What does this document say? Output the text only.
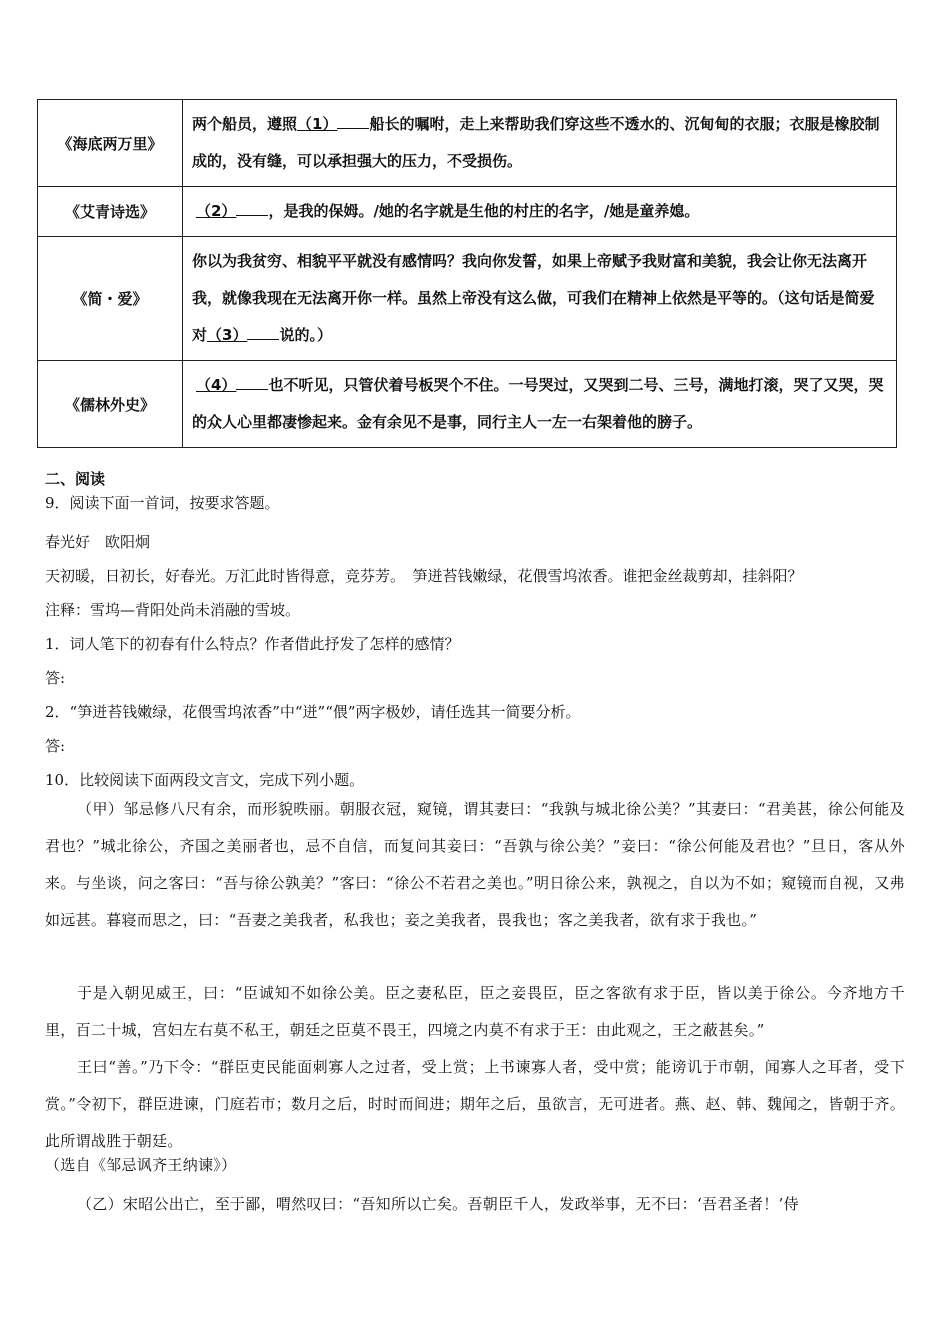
《海底两万里》	两个船员，遵照（1） 船长的嘱咐，走上来帮助我们穿这些不透水的、沉甸甸的衣服；衣服是橡胶制成的，没有缝，可以承担强大的压力，不受损伤。
《艾青诗选》	（2） ，是我的保姆。/她的名字就是生他的村庄的名字，/她是童养媳。
《简・爱》	你以为我贫穷、相貌平平就没有感情吗？我向你发誓，如果上帝赋予我财富和美貌，我会让你无法离开我，就像我现在无法离开你一样。虽然上帝没有这么做，可我们在精神上依然是平等的。（这句话是简爱对（3） 说的。）
《儒林外史》	（4） 也不听见，只管伏着号板哭个不住。一号哭过，又哭到二号、三号，满地打滚，哭了又哭，哭的众人心里都凄惨起来。金有余见不是事，同行主人一左一右架着他的膀子。
二、阅读
9．阅读下面一首词，按要求答题。
春光好　欧阳炯
天初暖，日初长，好春光。万汇此时皆得意，竞芬芳。　笋迸苔钱嫩绿，花偎雪坞浓香。谁把金丝裁剪却，挂斜阳？
注释：雪坞—背阳处尚未消融的雪坡。
1．词人笔下的初春有什么特点？作者借此抒发了怎样的感情？
答:
2．“笋迸苔钱嫩绿，花偎雪坞浓香”中“迸”“偎”两字极妙，请任选其一简要分析。
答:
10．比较阅读下面两段文言文，完成下列小题。
（甲）邹忌修八尺有余，而形貌昳丽。朝服衣冠，窥镜，谓其妻曰：“我孰与城北徐公美？”其妻曰：“君美甚，徐公何能及君也？”城北徐公，齐国之美丽者也，忌不自信，而复问其妾曰：“吾孰与徐公美？”妾曰：“徐公何能及君也？”旦日，客从外来。与坐谈，问之客曰：“吾与徐公孰美？”客曰：“徐公不若君之美也。”明日徐公来，孰视之，自以为不如；窥镜而自视，又弗如远甚。暮寝而思之，曰：“吾妻之美我者，私我也；妾之美我者，畏我也；客之美我者，欲有求于我也。”
于是入朝见威王，曰：“臣诚知不如徐公美。臣之妻私臣，臣之妾畏臣，臣之客欲有求于臣，皆以美于徐公。今齐地方千里，百二十城，宫妇左右莫不私王，朝廷之臣莫不畏王，四境之内莫不有求于王：由此观之，王之蔽甚矣。”
王曰“善。”乃下令：“群臣吏民能面刺寡人之过者，受上赏；上书谏寡人者，受中赏；能谤讥于市朝，闻寡人之耳者，受下赏。”令初下，群臣进谏，门庭若市；数月之后，时时而间进；期年之后，虽欲言，无可进者。燕、赵、韩、魏闻之，皆朝于齐。此所谓战胜于朝廷。
（选自《邹忌讽齐王纳谏》）
（乙）宋昭公出亡，至于鄙，喟然叹曰：“吾知所以亡矣。吾朝臣千人，发政举事，无不曰：‘吾君圣者！’侍
